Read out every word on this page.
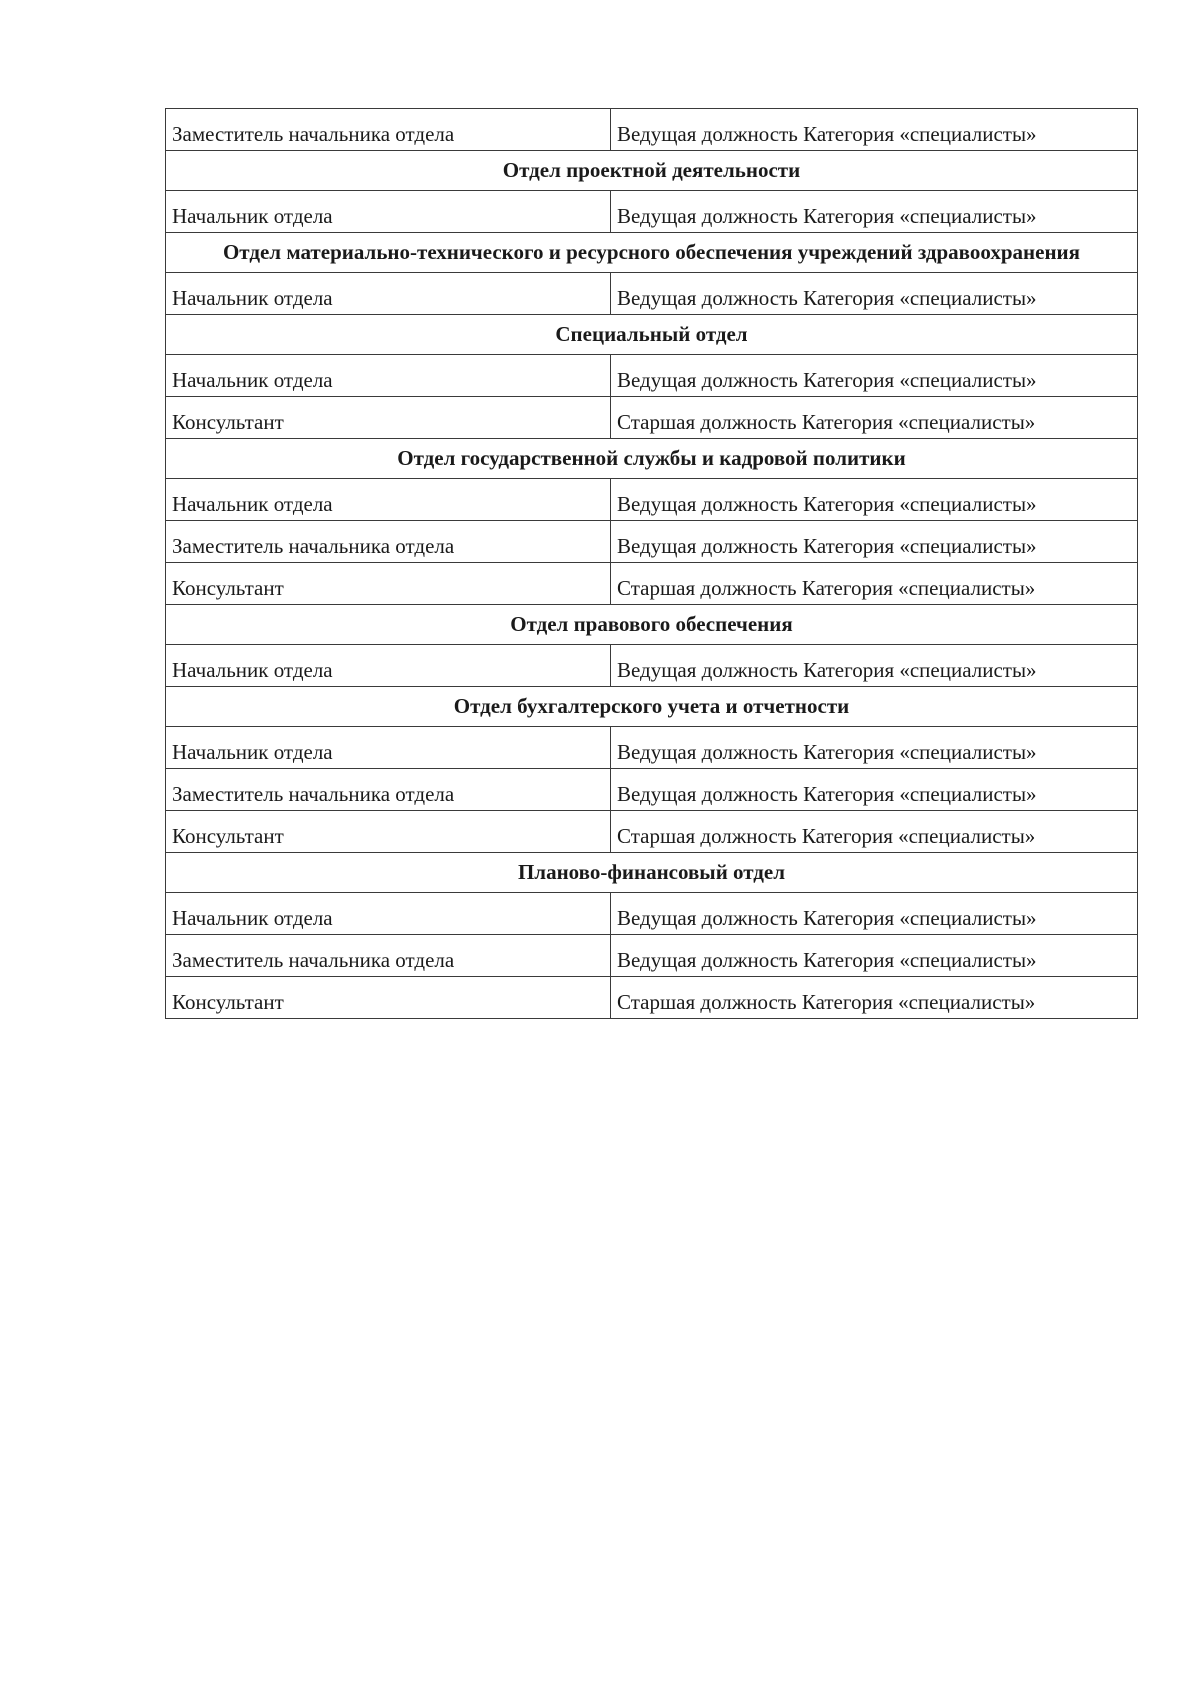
Заместитель начальника отдела	Ведущая должность Категория «специалисты»
Отдел проектной деятельности	
Начальник отдела	Ведущая должность Категория «специалисты»
Отдел материально-технического и ресурсного обеспечения учреждений здравоохранения	
Начальник отдела	Ведущая должность Категория «специалисты»
Специальный отдел	
Начальник отдела	Ведущая должность Категория «специалисты»
Консультант	Старшая должность Категория «специалисты»
Отдел государственной службы и кадровой политики	
Начальник отдела	Ведущая должность Категория «специалисты»
Заместитель начальника отдела	Ведущая должность Категория «специалисты»
Консультант	Старшая должность Категория «специалисты»
Отдел правового обеспечения	
Начальник отдела	Ведущая должность Категория «специалисты»
Отдел бухгалтерского учета и отчетности	
Начальник отдела	Ведущая должность Категория «специалисты»
Заместитель начальника отдела	Ведущая должность Категория «специалисты»
Консультант	Старшая должность Категория «специалисты»
Планово-финансовый отдел	
Начальник отдела	Ведущая должность Категория «специалисты»
Заместитель начальника отдела	Ведущая должность Категория «специалисты»
Консультант	Старшая должность Категория «специалисты»
